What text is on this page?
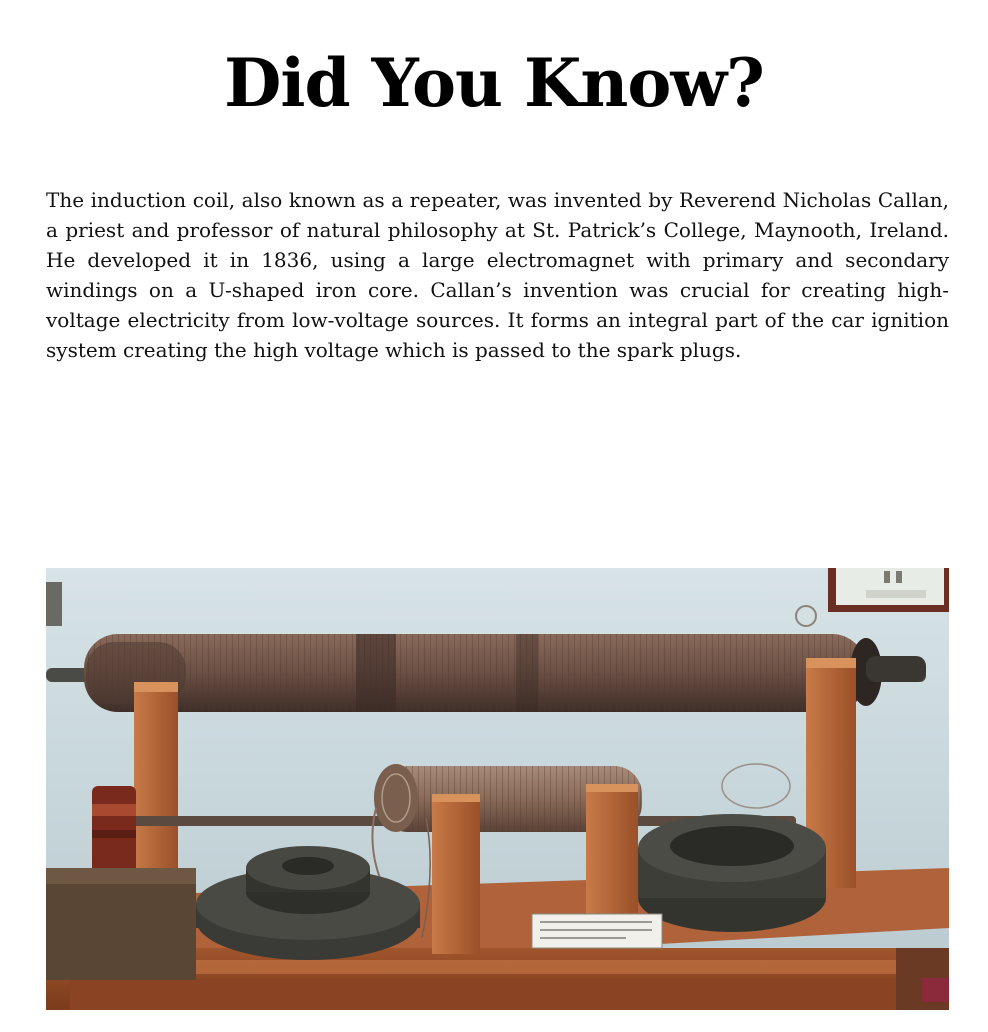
Did You Know?

The induction coil, also known as a repeater, was invented by Reverend Nicholas Callan, a priest and professor of natural philosophy at St. Patrick’s College, Maynooth, Ireland. He developed it in 1836, using a large electromagnet with primary and secondary windings on a U-shaped iron core. Callan’s invention was crucial for creating high-voltage electricity from low-voltage sources. It forms an integral part of the car ignition system creating the high voltage which is passed to the spark plugs.
